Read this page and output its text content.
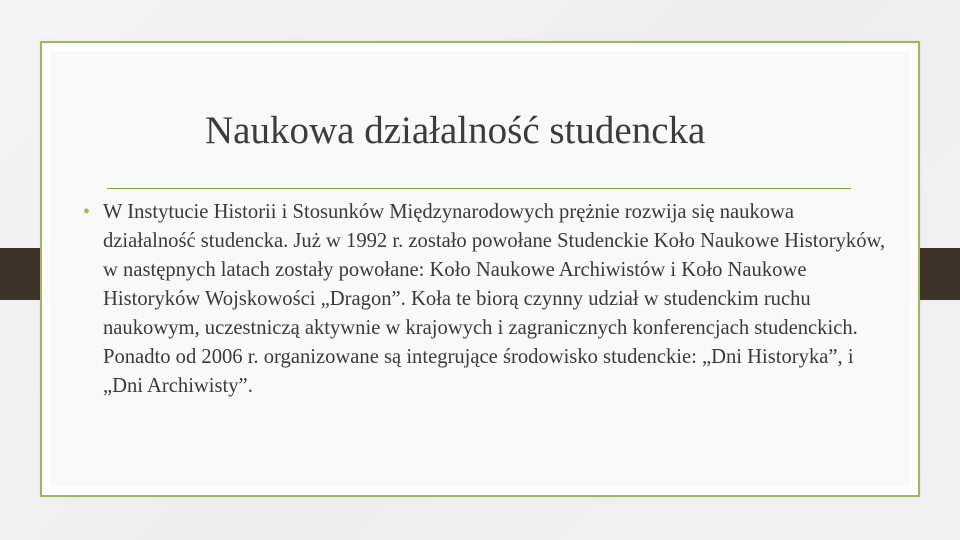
Naukowa działalność studencka
• W Instytucie Historii i Stosunków Międzynarodowych prężnie rozwija się naukowa działalność studencka. Już w 1992 r. zostało powołane Studenckie Koło Naukowe Historyków, w następnych latach zostały powołane: Koło Naukowe Archiwistów i Koło Naukowe Historyków Wojskowości „Dragon”. Koła te biorą czynny udział w studenckim ruchu naukowym, uczestniczą aktywnie w krajowych i zagranicznych konferencjach studenckich. Ponadto od 2006 r. organizowane są integrujące środowisko studenckie: „Dni Historyka”, i „Dni Archiwisty”.
